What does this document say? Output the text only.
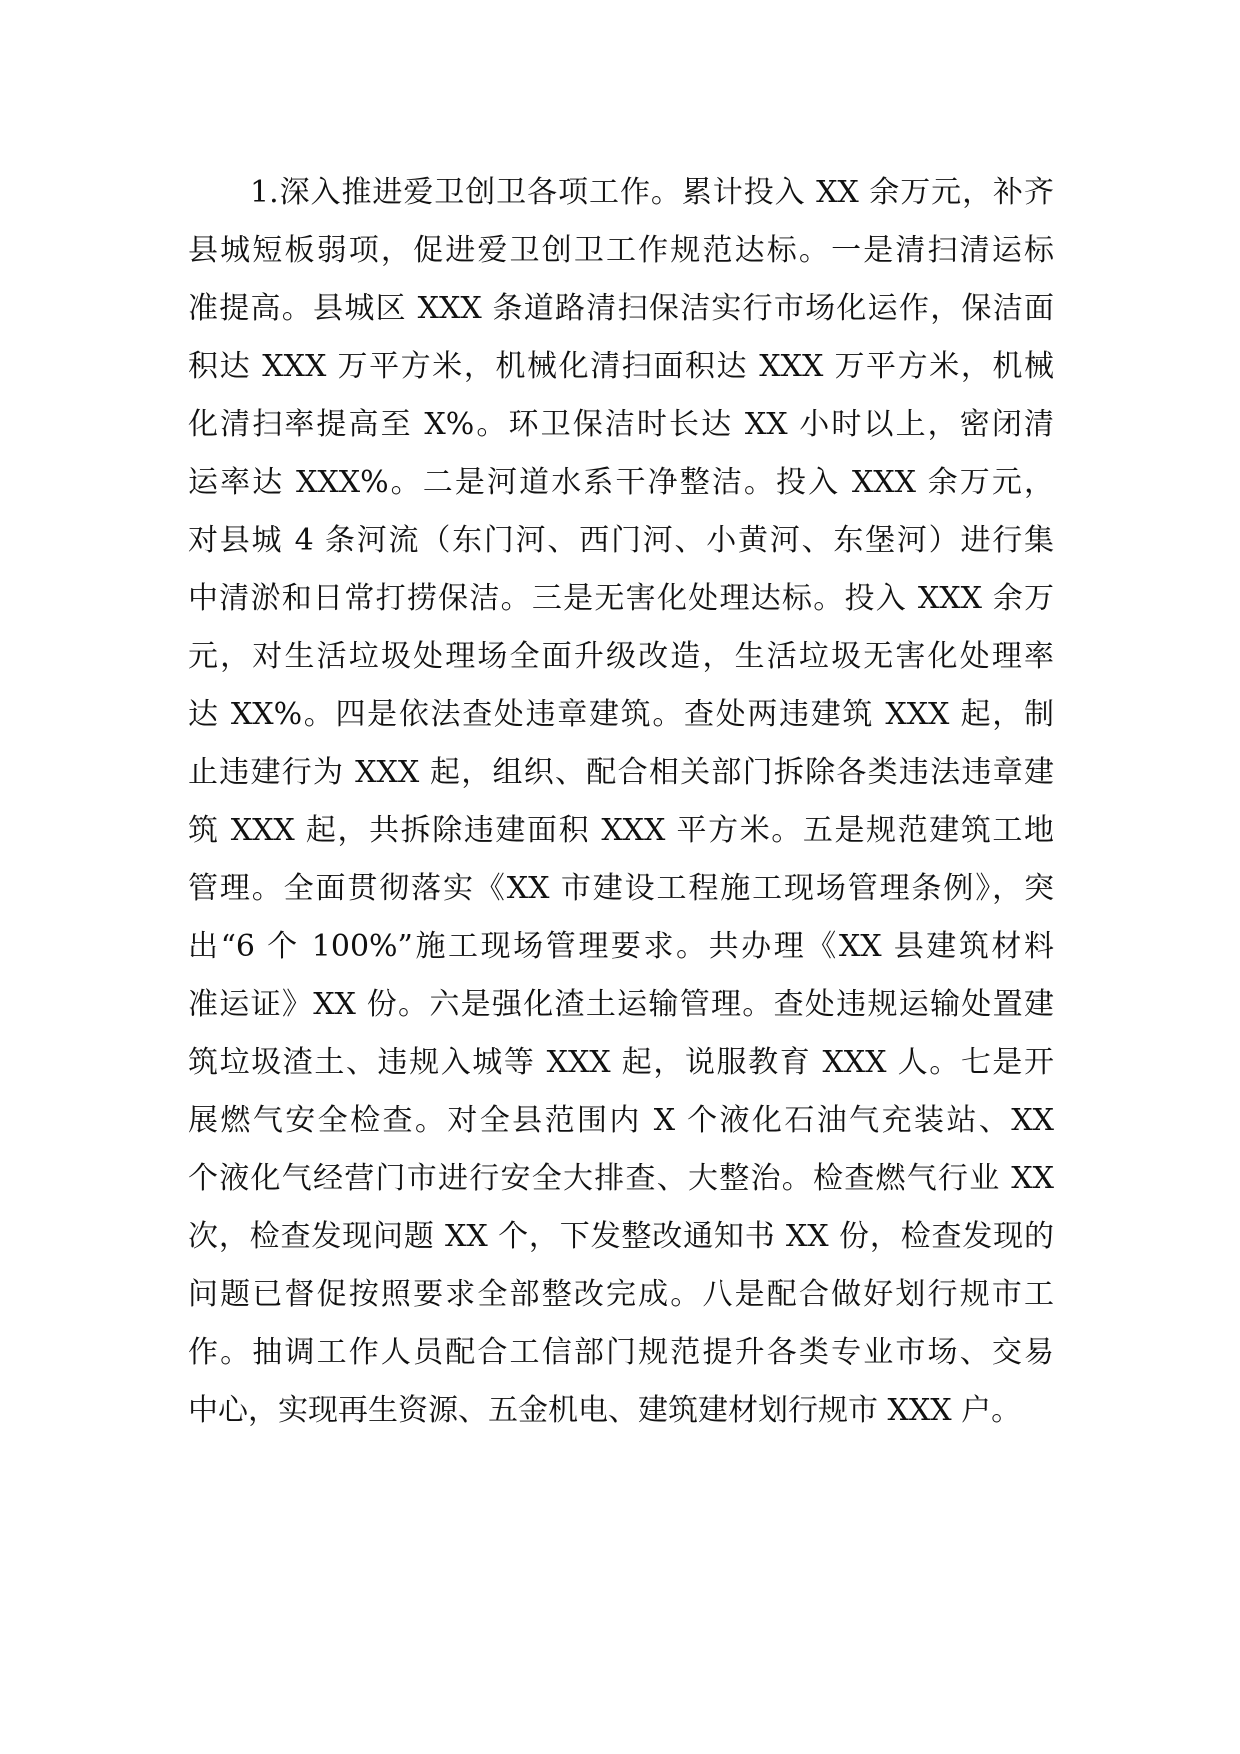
1.深入推进爱卫创卫各项工作。累计投入 XX 余万元，补齐
县城短板弱项，促进爱卫创卫工作规范达标。一是清扫清运标
准提高。县城区 XXX 条道路清扫保洁实行市场化运作，保洁面
积达 XXX 万平方米，机械化清扫面积达 XXX 万平方米，机械
化清扫率提高至 X%。环卫保洁时长达 XX 小时以上，密闭清
运率达 XXX%。二是河道水系干净整洁。投入 XXX 余万元，
对县城 4 条河流（东门河、西门河、小黄河、东堡河）进行集
中清淤和日常打捞保洁。三是无害化处理达标。投入 XXX 余万
元，对生活垃圾处理场全面升级改造，生活垃圾无害化处理率
达 XX%。四是依法查处违章建筑。查处两违建筑 XXX 起，制
止违建行为 XXX 起，组织、配合相关部门拆除各类违法违章建
筑 XXX 起，共拆除违建面积 XXX 平方米。五是规范建筑工地
管理。全面贯彻落实《XX 市建设工程施工现场管理条例》，突
出“6 个 100%”施工现场管理要求。共办理《XX 县建筑材料
准运证》XX 份。六是强化渣土运输管理。查处违规运输处置建
筑垃圾渣土、违规入城等 XXX 起，说服教育 XXX 人。七是开
展燃气安全检查。对全县范围内 X 个液化石油气充装站、XX
个液化气经营门市进行安全大排查、大整治。检查燃气行业 XX
次，检查发现问题 XX 个，下发整改通知书 XX 份，检查发现的
问题已督促按照要求全部整改完成。八是配合做好划行规市工
作。抽调工作人员配合工信部门规范提升各类专业市场、交易
中心，实现再生资源、五金机电、建筑建材划行规市 XXX 户。
